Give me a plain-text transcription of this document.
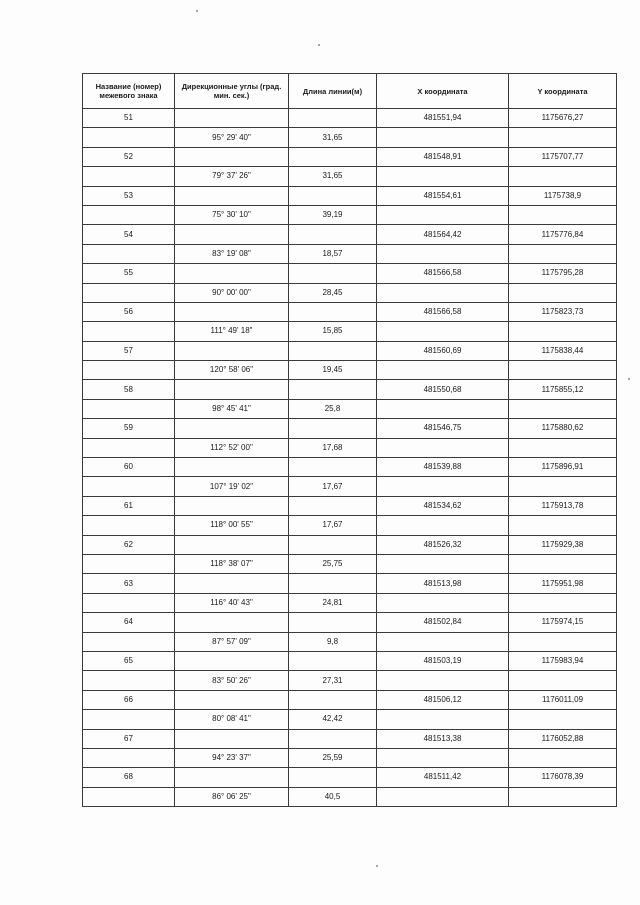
Название (номер) межевого знака	Дирекционные углы (град. мин. сек.)	Длина линии(м)	X координата	Y координата
51			481551,94	1175676,27
	95° 29' 40"	31,65		
52			481548,91	1175707,77
	79° 37' 26"	31,65		
53			481554,61	1175738,9
	75° 30' 10"	39,19		
54			481564,42	1175776,84
	83° 19' 08"	18,57		
55			481566,58	1175795,28
	90° 00' 00"	28,45		
56			481566,58	1175823,73
	111° 49' 18"	15,85		
57			481560,69	1175838,44
	120° 58' 06"	19,45		
58			481550,68	1175855,12
	98° 45' 41"	25,8		
59			481546,75	1175880,62
	112° 52' 00"	17,68		
60			481539,88	1175896,91
	107° 19' 02"	17,67		
61			481534,62	1175913,78
	118° 00' 55"	17,67		
62			481526,32	1175929,38
	118° 38' 07"	25,75		
63			481513,98	1175951,98
	116° 40' 43"	24,81		
64			481502,84	1175974,15
	87° 57' 09"	9,8		
65			481503,19	1175983,94
	83° 50' 26"	27,31		
66			481506,12	1176011,09
	80° 08' 41"	42,42		
67			481513,38	1176052,88
	94° 23' 37"	25,59		
68			481511,42	1176078,39
	86° 06' 25"	40,5		
